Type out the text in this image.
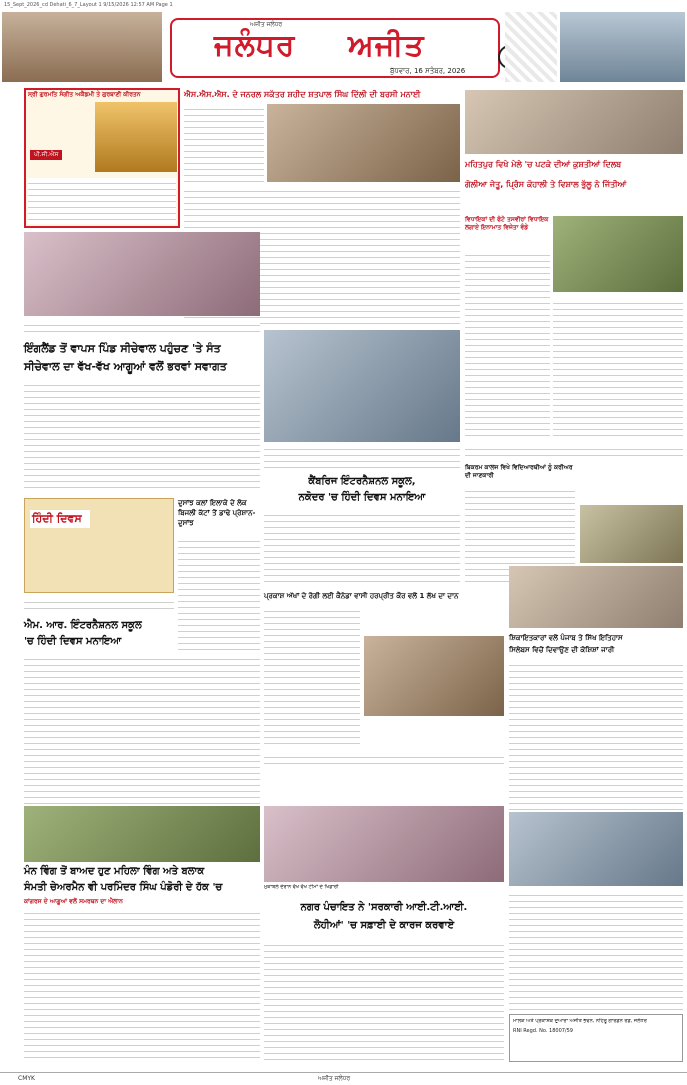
15_Sept_2026_cd Dehati_6_7_Layout 1 9/15/2026 12:57 AM Page 1
ਅਜੀਤ ਜਲੰਧਰ
ਜਲੰਧਰ ਅਜੀਤ
ਬੁੱਧਵਾਰ, 16 ਸਤੰਬਰ, 2026
ਸ੍ਰੀ ਗੁਰਮਤਿ ਸੰਗੀਤ ਅਕੈਡਮੀ ਤੇ ਗੁਰਬਾਣੀ ਕੀਰਤਨ
ਪੀ.ਜੀ.ਐਸ
ਐਸ.ਐਸ.ਐਸ. ਦੇ ਜਨਰਲ ਸਕੱਤਰ ਸ਼ਹੀਦ ਸ਼ਤਪਾਲ ਸਿੰਘ ਦਿੱਲੀ ਦੀ ਬਰਸੀ ਮਨਾਈ
ਮਹਿਤਪੁਰ ਵਿਖੇ ਮੇਲੇ 'ਚ ਪਟਕੇ ਦੀਆਂ ਕੁਸ਼ਤੀਆਂ ਦਿਲਬ
ਗੋਲੀਆ ਜੇਤੂ, ਪ੍ਰਿੰਸ ਕੋਹਾਲੀ ਤੇ ਵਿਸ਼ਾਲ ਭੁੱਲੂ ਨੇ ਜਿੱਤੀਆਂ
ਵਿਧਾਇਕਾਂ ਦੀ ਫੋਟੋ ਤਸਵੀਰਾਂ ਵਿਧਾਇਕ ਲਗਾਏ ਇਨਾਮਾਤ ਵਿਜੇਤਾ ਵੰਡੇ
ਇੰਗਲੈਂਡ ਤੋਂ ਵਾਪਸ ਪਿੰਡ ਸੀਚੇਵਾਲ ਪਹੁੰਚਣ 'ਤੇ ਸੰਤ
ਸੀਚੇਵਾਲ ਦਾ ਵੱਖ-ਵੱਖ ਆਗੂਆਂ ਵਲੋਂ ਭਰਵਾਂ ਸਵਾਗਤ
ਕੈਂਬਰਿਜ ਇੰਟਰਨੈਸ਼ਨਲ ਸਕੂਲ,
ਨਕੋਦਰ 'ਚ ਹਿੰਦੀ ਦਿਵਸ ਮਨਾਇਆ
ਬਿਕਰਮ ਕਾਲਜ ਵਿਖੇ ਵਿਦਿਆਰਥੀਆਂ ਨੂੰ ਕਰੀਅਰ ਦੀ ਜਾਣਕਾਰੀ
ਹਿੰਦੀ ਦਿਵਸ
ਦੁਸਾਂਝ ਕਲਾਂ ਇਲਾਕੇ ਦੇ ਲੋਕ ਬਿਜਲੀ ਕੱਟਾਂ ਤੋਂ ਡਾਢੇ ਪ੍ਰੇਸ਼ਾਨ-ਦੁਸਾਂਝ
ਐਮ. ਆਰ. ਇੰਟਰਨੈਸ਼ਨਲ ਸਕੂਲ
'ਚ ਹਿੰਦੀ ਦਿਵਸ ਮਨਾਇਆ
ਪ੍ਰਕਾਸ਼ ਅੱਖਾਂ ਦੇ ਰੋਗੀ ਲਈ ਕੈਨੇਡਾ ਵਾਸੀ ਹਰਪ੍ਰੀਤ ਕੌਰ ਵਲੋਂ 1 ਲੱਖ ਦਾ ਦਾਨ
ਸ਼ਿਕਾਇਤਕਾਰਾਂ ਵਲੋਂ ਪੰਜਾਬ ਤੇ ਸਿੱਖ ਇਤਿਹਾਸ
ਸਿਲੇਬਸ ਵਿਚੋਂ ਦਿਵਾਉਣ ਦੀ ਕੋਸ਼ਿਸ਼ਾਂ ਜਾਰੀ
ਮੁਕਾਬਲੇ ਦੌਰਾਨ ਵੱਖ ਵੱਖ ਟੀਮਾਂ ਦੇ ਖਿਡਾਰੀ
ਮੰਨ ਵਿੰਗ ਤੋਂ ਬਾਅਦ ਹੁਣ ਮਹਿਲਾ ਵਿੰਗ ਅਤੇ ਬਲਾਕ
ਸੰਮਤੀ ਚੇਅਰਮੈਨ ਵੀ ਪਰਮਿੰਦਰ ਸਿੰਘ ਪੰਡੋਰੀ ਦੇ ਹੱਕ 'ਚ
ਕਾਂਗਰਸ ਦੇ ਆਗੂਆਂ ਵਲੋਂ ਸਮਰਥਨ ਦਾ ਐਲਾਨ
ਨਗਰ ਪੰਚਾਇਤ ਨੇ 'ਸਰਕਾਰੀ ਆਈ.ਟੀ.ਆਈ.
ਲੋਹੀਆਂ' 'ਚ ਸਫ਼ਾਈ ਦੇ ਕਾਰਜ ਕਰਵਾਏ
ਮਾਲਕ ਅਤੇ ਪ੍ਰਕਾਸ਼ਕ ਦੁਆਰਾ ਅਜੀਤ ਭਵਨ, ਨਹਿਰੂ ਗਾਰਡਨ ਰੋਡ, ਜਲੰਧਰ
RNI Regd. No. 18007/59
CMYK	ਅਜੀਤ ਜਲੰਧਰ
